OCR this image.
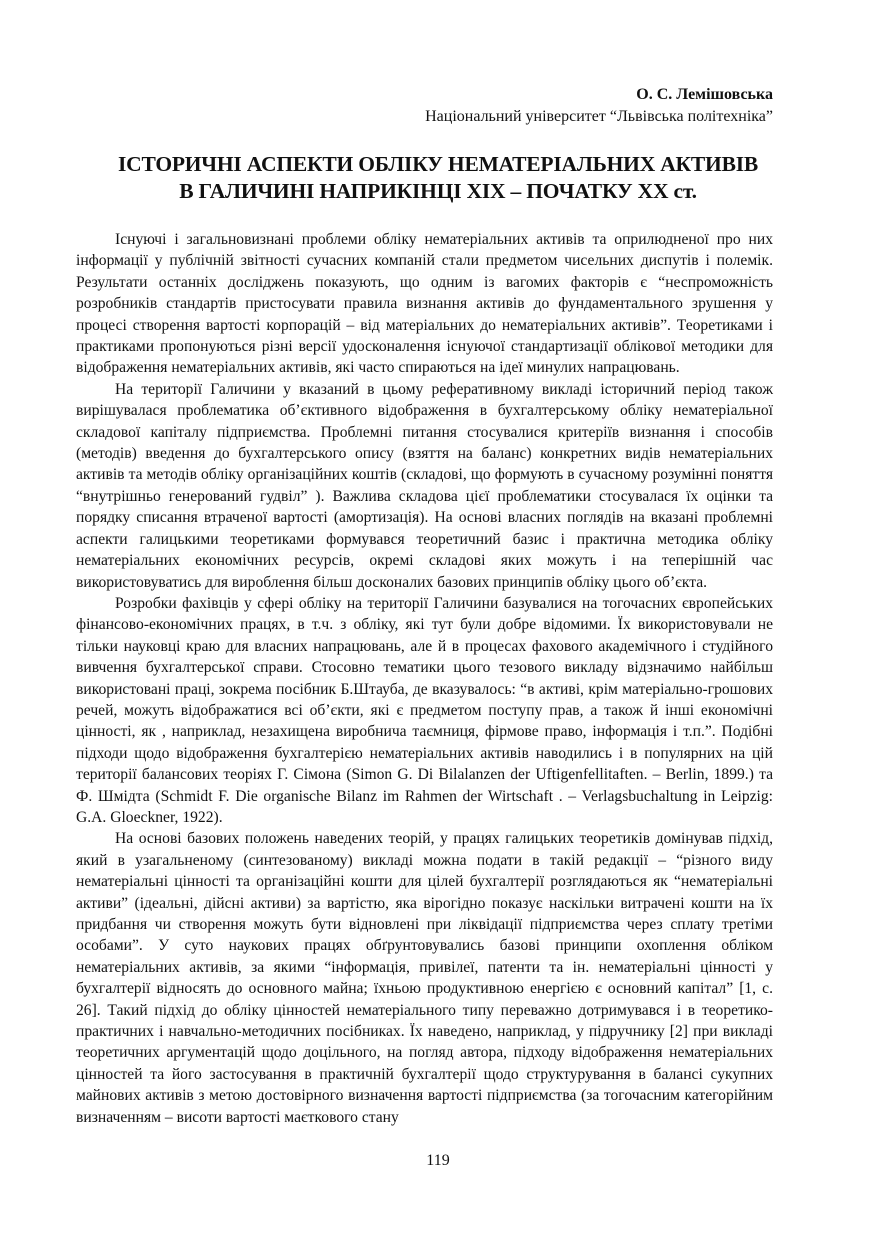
О. С. Лемішовська
Національний університет “Львівська політехніка”
ІСТОРИЧНІ АСПЕКТИ ОБЛІКУ НЕМАТЕРІАЛЬНИХ АКТИВІВ
В ГАЛИЧИНІ НАПРИКІНЦІ XIX – ПОЧАТКУ XX ст.

Існуючі і загальновизнані проблеми обліку нематеріальних активів та оприлюдненої про них інформації у публічній звітності сучасних компаній стали предметом чисельних диспутів і полемік. Результати останніх досліджень показують, що одним із вагомих факторів є “неспроможність розробників стандартів пристосувати правила визнання активів до фундаментального зрушення у процесі створення вартості корпорацій – від матеріальних до нематеріальних активів”. Теоретиками і практиками пропонуються різні версії удосконалення існуючої стандартизації облікової методики для відображення нематеріальних активів, які часто спираються на ідеї минулих напрацювань.

На території Галичини у вказаний в цьому реферативному викладі історичний період також вирішувалася проблематика об’єктивного відображення в бухгалтерському обліку нематеріальної складової капіталу підприємства. Проблемні питання стосувалися критеріїв визнання і способів (методів) введення до бухгалтерського опису (взяття на баланс) конкретних видів нематеріальних активів та методів обліку організаційних коштів (складові, що формують в сучасному розумінні поняття “внутрішньо генерований гудвіл” ). Важлива складова цієї проблематики стосувалася їх оцінки та порядку списання втраченої вартості (амортизація). На основі власних поглядів на вказані проблемні аспекти галицькими теоретиками формувався теоретичний базис і практична методика обліку нематеріальних економічних ресурсів, окремі складові яких можуть і на теперішній час використовуватись для вироблення більш досконалих базових принципів обліку цього об’єкта.

Розробки фахівців у сфері обліку на території Галичини базувалися на тогочасних європейських фінансово-економічних працях, в т.ч. з обліку, які тут були добре відомими. Їх використовували не тільки науковці краю для власних напрацювань, але й в процесах фахового академічного і студійного вивчення бухгалтерської справи. Стосовно тематики цього тезового викладу відзначимо найбільш використовані праці, зокрема посібник Б.Штауба, де вказувалось: “в активі, крім матеріально-грошових речей, можуть відображатися всі об’єкти, які є предметом поступу прав, а також й інші економічні цінності, як , наприклад, незахищена виробнича таємниця, фірмове право, інформація і т.п.”. Подібні підходи щодо відображення бухгалтерією нематеріальних активів наводились і в популярних на цій території балансових теоріях Г. Сімона (Simon G. Di Bilalanzen der Uftigenfellitaften. – Berlin, 1899.) та Ф. Шмідта (Schmidt F. Die organische Bilanz im Rahmen der Wirtschaft . – Verlagsbuchaltung in Leipzig: G.A. Gloeckner, 1922).

На основі базових положень наведених теорій, у працях галицьких теоретиків домінував підхід, який в узагальненому (синтезованому) викладі можна подати в такій редакції – “різного виду нематеріальні цінності та організаційні кошти для цілей бухгалтерії розглядаються як “нематеріальні активи” (ідеальні, дійсні активи) за вартістю, яка вірогідно показує наскільки витрачені кошти на їх придбання чи створення можуть бути відновлені при ліквідації підприємства через сплату третіми особами”. У суто наукових працях обґрунтовувались базові принципи охоплення обліком нематеріальних активів, за якими “інформація, привілеї, патенти та ін. нематеріальні цінності у бухгалтерії відносять до основного майна; їхньою продуктивною енергією є основний капітал” [1, с. 26]. Такий підхід до обліку цінностей нематеріального типу переважно дотримувався і в теоретико-практичних і навчально-методичних посібниках. Їх наведено, наприклад, у підручнику [2] при викладі теоретичних аргументацій щодо доцільного, на погляд автора, підходу відображення нематеріальних цінностей та його застосування в практичній бухгалтерії щодо структурування в балансі сукупних майнових активів з метою достовірного визначення вартості підприємства (за тогочасним категорійним визначенням – висоти вартості маєткового стану

119
